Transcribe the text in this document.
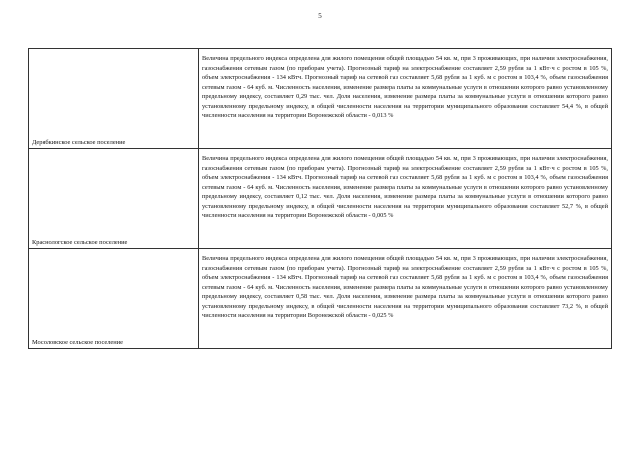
5
Дерябкинское сельское поселение	Величина предельного индекса определена для жилого помещения общей площадью 54 кв. м, при 3 проживающих, при наличии электроснабжения, газоснабжения сетевым газом (по приборам учета). Прогнозный тариф на электроснабжение составляет 2,59 рубля за 1 кВт·ч с ростом в 105 %, объем электроснабжения - 134 кВтч. Прогнозный тариф на сетевой газ составляет 5,68 рубля за 1 куб. м с ростом в 103,4 %, объем газоснабжения сетевым газом - 64 куб. м. Численность населения, изменение размера платы за коммунальные услуги в отношении которого равно установленному предельному индексу, составляет 0,29 тыс. чел. Доля населения, изменение размера платы за коммунальные услуги в отношении которого равно установленному предельному индексу, в общей численности населения на территории муниципального образования составляет 54,4 %, в общей численности населения на территории Воронежской области - 0,013 %

Краснологское сельское поселение	Величина предельного индекса определена для жилого помещения общей площадью 54 кв. м, при 3 проживающих, при наличии электроснабжения, газоснабжения сетевым газом (по приборам учета). Прогнозный тариф на электроснабжение составляет 2,59 рубля за 1 кВт·ч с ростом в 105 %, объем электроснабжения - 134 кВтч. Прогнозный тариф на сетевой газ составляет 5,68 рубля за 1 куб. м с ростом в 103,4 %, объем газоснабжения сетевым газом - 64 куб. м. Численность населения, изменение размера платы за коммунальные услуги в отношении которого равно установленному предельному индексу, составляет 0,12 тыс. чел. Доля населения, изменение размера платы за коммунальные услуги в отношении которого равно установленному предельному индексу, в общей численности населения на территории муниципального образования составляет 52,7 %, в общей численности населения на территории Воронежской области - 0,005 %

Мосоловское сельское поселение	Величина предельного индекса определена для жилого помещения общей площадью 54 кв. м, при 3 проживающих, при наличии электроснабжения, газоснабжения сетевым газом (по приборам учета). Прогнозный тариф на электроснабжение составляет 2,59 рубля за 1 кВт·ч с ростом в 105 %, объем электроснабжения - 134 кВтч. Прогнозный тариф на сетевой газ составляет 5,68 рубля за 1 куб. м с ростом в 103,4 %, объем газоснабжения сетевым газом - 64 куб. м. Численность населения, изменение размера платы за коммунальные услуги в отношении которого равно установленному предельному индексу, составляет 0,58 тыс. чел. Доля населения, изменение размера платы за коммунальные услуги в отношении которого равно установленному предельному индексу, в общей численности населения на территории муниципального образования составляет 73,2 %, в общей численности населения на территории Воронежской области - 0,025 %
